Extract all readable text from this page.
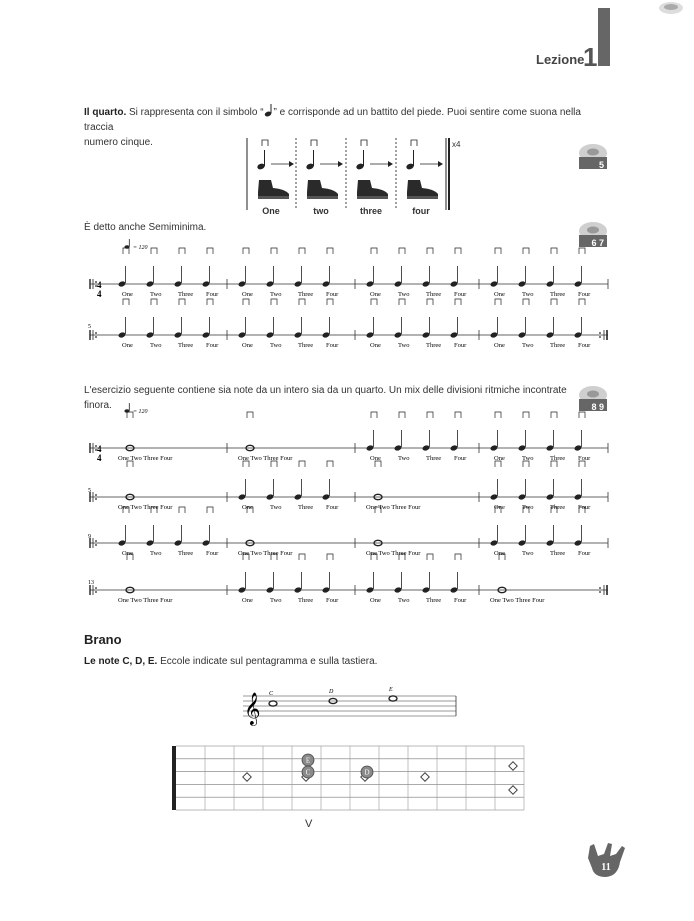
Lezione
1
Il quarto. Si rappresenta con il simbolo “ ” e corrisponde ad un battito del piede. Puoi sentire come suona nella traccia
numero cinque.
5
6 7
8 9
x4
One	two	three	four
È detto anche Semiminima.
= 120
4
4
5
One	Two	Three Four	One	Two	Three Four	One	Two	Three Four	One	Two	Three Four
One	Two	Three Four	One	Two	Three Four	One	Two	Three Four	One	Two	Three Four
L'esercizio seguente contiene sia note da un intero sia da un quarto. Un mix delle divisioni ritmiche incontrate finora.
= 120
4
4
5
9
13
One Two Three Four	One Two Three Four	One	Two	Three Four	One	Two	Three Four
One Two Three Four	One	Two	Three Four	One Two Three Four	One	Two	Three Four
One	Two	Three Four	One Two Three Four	One Two Three Four	One	Two	Three Four
One Two Three Four	One	Two	Three Four	One	Two	Three Four	One Two Three Four
Brano
Le note C, D, E. Eccole indicate sul pentagramma e sulla tastiera.
𝄞 C	D	E
E
C	D
V
11
